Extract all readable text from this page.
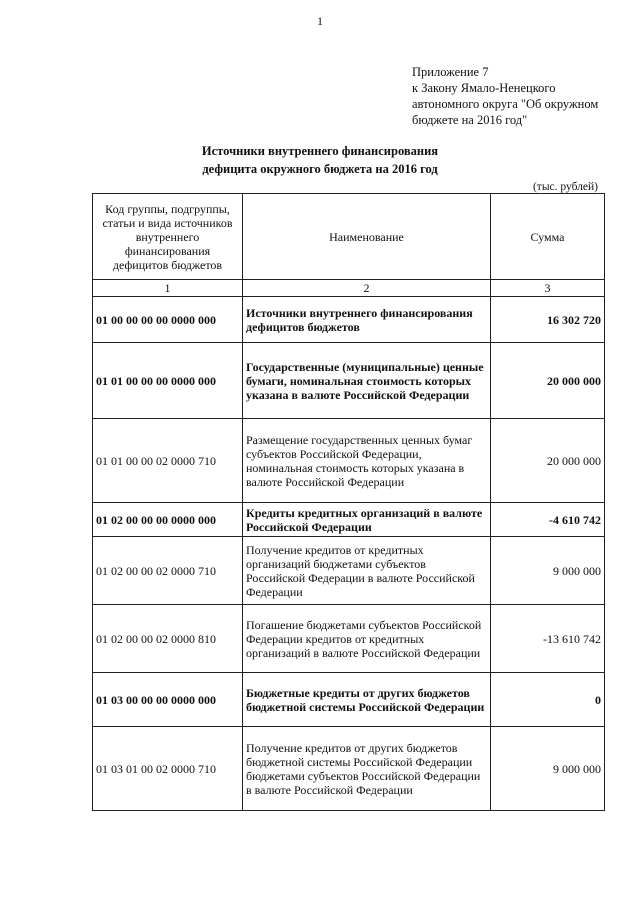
1
Приложение 7
к Закону Ямало-Ненецкого
автономного округа "Об окружном
бюджете на 2016 год"
Источники внутреннего финансирования
дефицита окружного бюджета на 2016 год
(тыс. рублей)
Код группы, подгруппы, статьи и вида источников внутреннего финансирования дефицитов бюджетов	Наименование	Сумма
1	2	3
01 00 00 00 00 0000 000	Источники внутреннего финансирования дефицитов бюджетов	16 302 720
01 01 00 00 00 0000 000	Государственные (муниципальные) ценные бумаги, номинальная стоимость которых указана в валюте Российской Федерации	20 000 000
01 01 00 00 02 0000 710	Размещение государственных ценных бумаг субъектов Российской Федерации, номинальная стоимость которых указана в валюте Российской Федерации	20 000 000
01 02 00 00 00 0000 000	Кредиты кредитных организаций в валюте Российской Федерации	-4 610 742
01 02 00 00 02 0000 710	Получение кредитов от кредитных организаций бюджетами субъектов Российской Федерации в валюте Российской Федерации	9 000 000
01 02 00 00 02 0000 810	Погашение бюджетами субъектов Российской Федерации кредитов от кредитных организаций в валюте Российской Федерации	-13 610 742
01 03 00 00 00 0000 000	Бюджетные кредиты от других бюджетов бюджетной системы Российской Федерации	0
01 03 01 00 02 0000 710	Получение кредитов от других бюджетов бюджетной системы Российской Федерации бюджетами субъектов Российской Федерации в валюте Российской Федерации	9 000 000
